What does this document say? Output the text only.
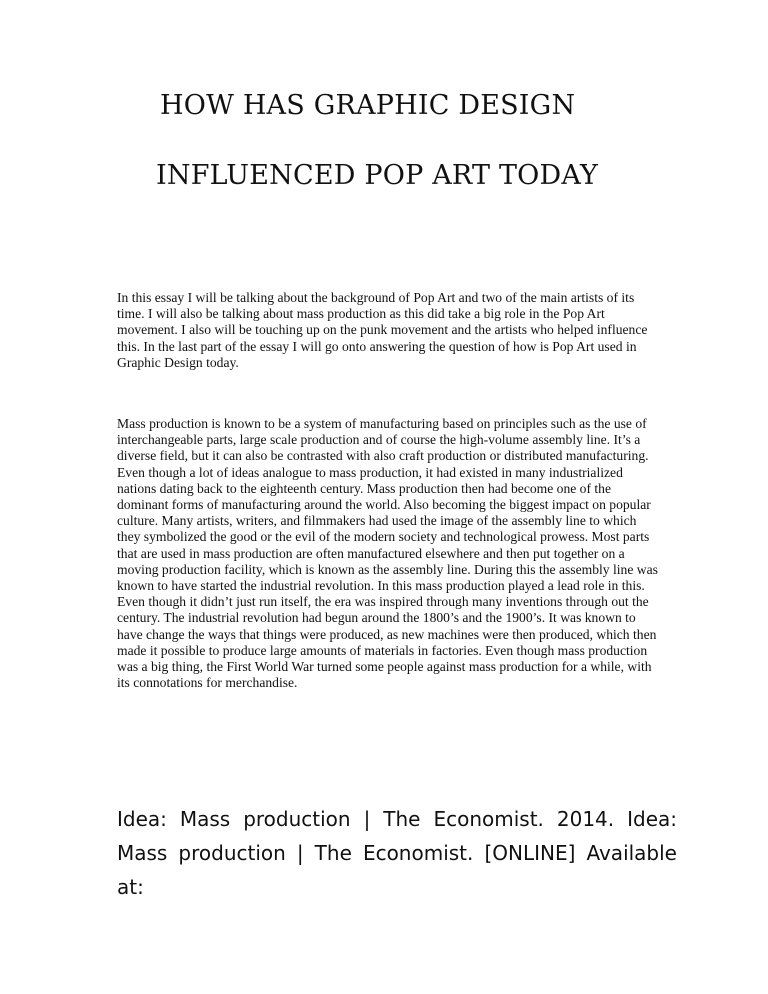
HOW HAS GRAPHIC DESIGN
INFLUENCED POP ART TODAY

In this essay I will be talking about the background of Pop Art and two of the main artists of its time. I will also be talking about mass production as this did take a big role in the Pop Art movement. I also will be touching up on the punk movement and the artists who helped influence this. In the last part of the essay I will go onto answering the question of how is Pop Art used in Graphic Design today.

Mass production is known to be a system of manufacturing based on principles such as the use of interchangeable parts, large scale production and of course the high-volume assembly line. It’s a diverse field, but it can also be contrasted with also craft production or distributed manufacturing. Even though a lot of ideas analogue to mass production, it had existed in many industrialized nations dating back to the eighteenth century. Mass production then had become one of the dominant forms of manufacturing around the world. Also becoming the biggest impact on popular culture. Many artists, writers, and filmmakers had used the image of the assembly line to which they symbolized the good or the evil of the modern society and technological prowess. Most parts that are used in mass production are often manufactured elsewhere and then put together on a moving production facility, which is known as the assembly line. During this the assembly line was known to have started the industrial revolution. In this mass production played a lead role in this. Even though it didn’t just run itself, the era was inspired through many inventions through out the century. The industrial revolution had begun around the 1800’s and the 1900’s. It was known to have change the ways that things were produced, as new machines were then produced, which then made it possible to produce large amounts of materials in factories. Even though mass production was a big thing, the First World War turned some people against mass production for a while, with its connotations for merchandise.

Idea: Mass production | The Economist. 2014. Idea: Mass production | The Economist. [ONLINE] Available at:
